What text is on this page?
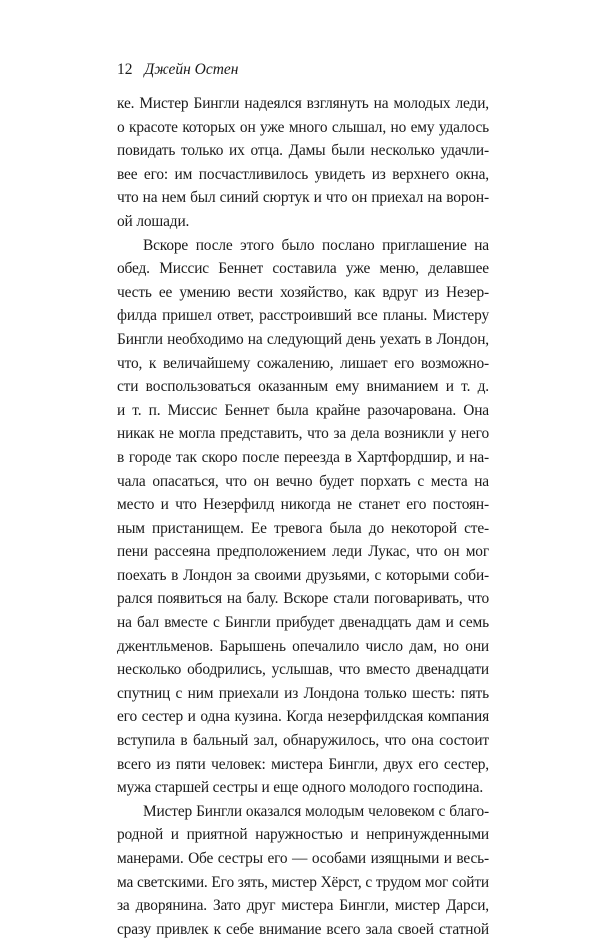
12 Джейн Остен
ке. Мистер Бингли надеялся взглянуть на молодых леди,
о красоте которых он уже много слышал, но ему удалось
повидать только их отца. Дамы были несколько удачли-
вее его: им посчастливилось увидеть из верхнего окна,
что на нем был синий сюртук и что он приехал на ворон-
ой лошади.
Вскоре после этого было послано приглашение на
обед. Миссис Беннет составила уже меню, делавшее
честь ее умению вести хозяйство, как вдруг из Незер-
филда пришел ответ, расстроивший все планы. Мистеру
Бингли необходимо на следующий день уехать в Лондон,
что, к величайшему сожалению, лишает его возможно-
сти воспользоваться оказанным ему вниманием и т. д.
и т. п. Миссис Беннет была крайне разочарована. Она
никак не могла представить, что за дела возникли у него
в городе так скоро после переезда в Хартфордшир, и на-
чала опасаться, что он вечно будет порхать с места на
место и что Незерфилд никогда не станет его постоян-
ным пристанищем. Ее тревога была до некоторой сте-
пени рассеяна предположением леди Лукас, что он мог
поехать в Лондон за своими друзьями, с которыми соби-
рался появиться на балу. Вскоре стали поговаривать, что
на бал вместе с Бингли прибудет двенадцать дам и семь
джентльменов. Барышень опечалило число дам, но они
несколько ободрились, услышав, что вместо двенадцати
спутниц с ним приехали из Лондона только шесть: пять
его сестер и одна кузина. Когда незерфилдская компания
вступила в бальный зал, обнаружилось, что она состоит
всего из пяти человек: мистера Бингли, двух его сестер,
мужа старшей сестры и еще одного молодого господина.
Мистер Бингли оказался молодым человеком с благо-
родной и приятной наружностью и непринужденными
манерами. Обе сестры его — особами изящными и весь-
ма светскими. Его зять, мистер Хёрст, с трудом мог сойти
за дворянина. Зато друг мистера Бингли, мистер Дарси,
сразу привлек к себе внимание всего зала своей статной
